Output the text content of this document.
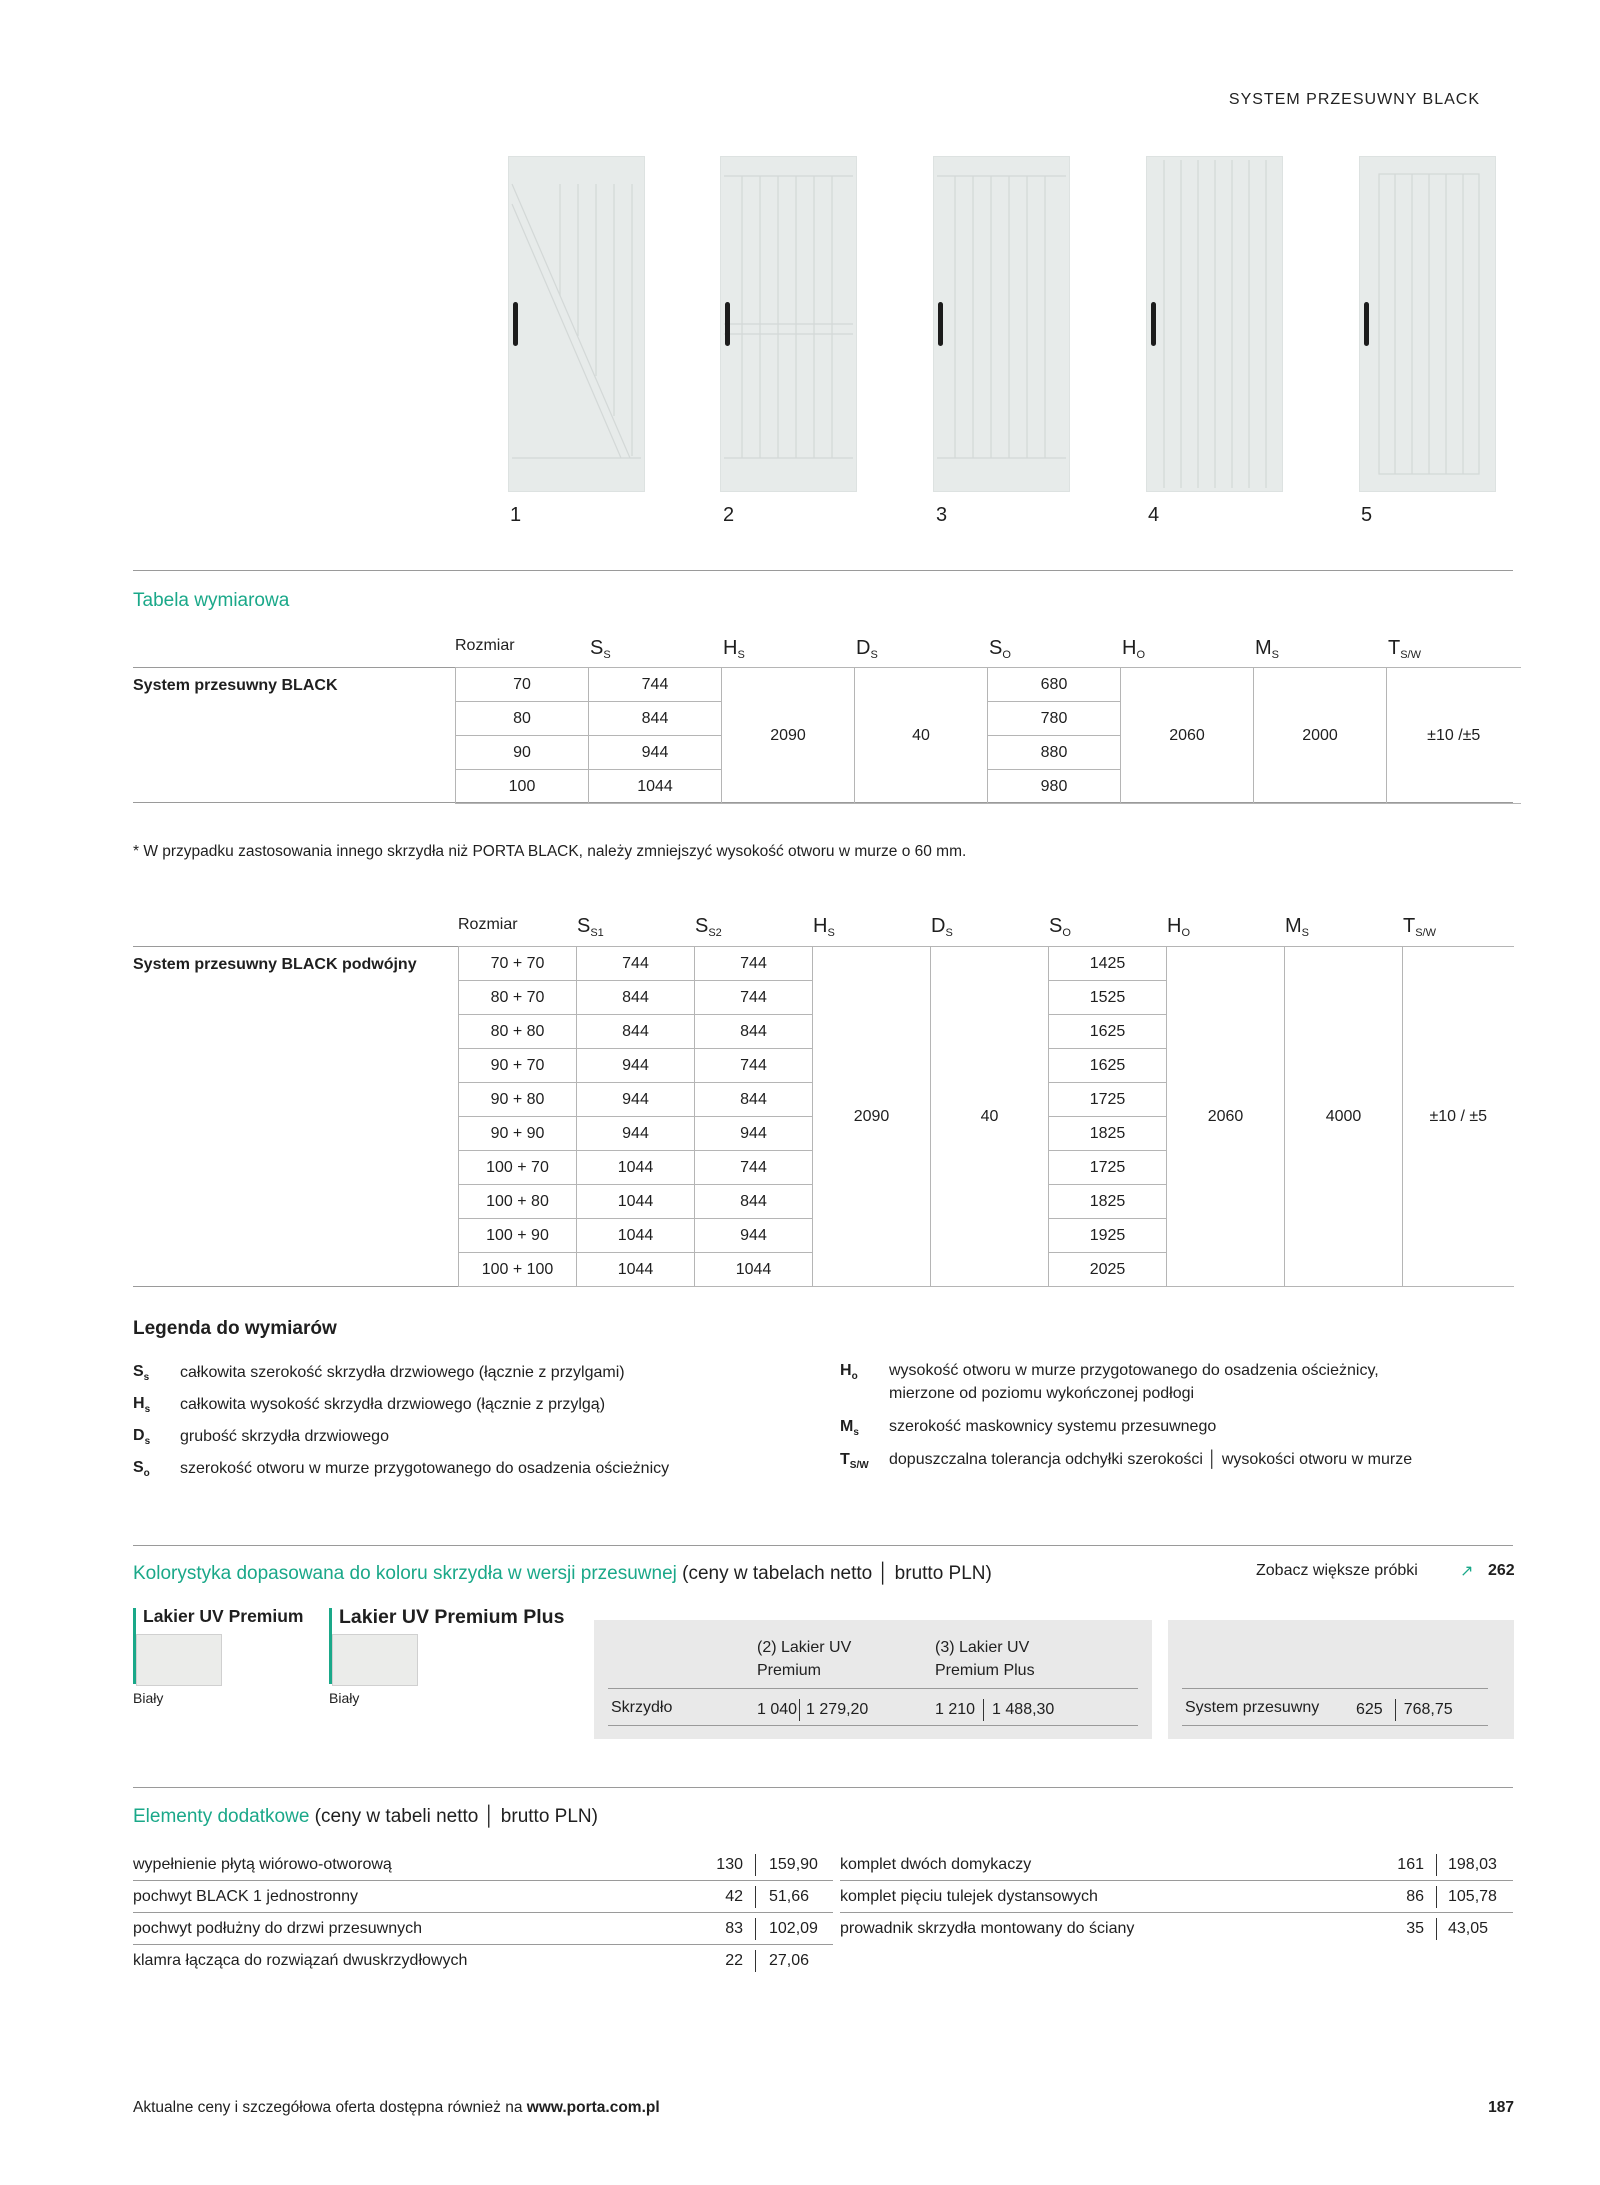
SYSTEM PRZESUWNY BLACK
1	2	3	4	5
Tabela wymiarowa
Rozmiar	$S_S$	$H_S$	$D_S$	$S_O$	$H_O$	$M_S$	$T_{S/W}$
System przesuwny BLACK	70	744	2090	40	680	2060	2000	±10 /±5
80	844			780			
90	944			880			
100	1044			980			
* W przypadku zastosowania innego skrzydła niż PORTA BLACK, należy zmniejszyć wysokość otworu w murze o 60 mm.
Rozmiar	$S_{S1}$	$S_{S2}$	$H_S$	$D_S$	$S_O$	$H_O$	$M_S$	$T_{S/W}$
System przesuwny BLACK podwójny	70 + 70	744	744	2090	40	1425	2060	4000	±10 / ±5
80 + 70	844	744			1525			
80 + 80	844	844			1625			
90 + 70	944	744			1625			
90 + 80	944	844			1725			
90 + 90	944	944			1825			
100 + 70	1044	744			1725			
100 + 80	1044	844			1825			
100 + 90	1044	944			1925			
100 + 100	1044	1044			2025			
Legenda do wymiarów
$S_s$ całkowita szerokość skrzydła drzwiowego (łącznie z przylgami)
$H_s$ całkowita wysokość skrzydła drzwiowego (łącznie z przylgą)
$D_s$ grubość skrzydła drzwiowego
$S_o$ szerokość otworu w murze przygotowanego do osadzenia ościeżnicy
$H_o$ wysokość otworu w murze przygotowanego do osadzenia ościeżnicy,
mierzone od poziomu wykończonej podłogi
$M_s$ szerokość maskownicy systemu przesuwnego
$T_{S/W}$ dopuszczalna tolerancja odchyłki szerokości │ wysokości otworu w murze
Kolorystyka dopasowana do koloru skrzydła w wersji przesuwnej (ceny w tabelach netto │ brutto PLN)	Zobacz większe próbki	↗ 262
Lakier UV Premium
Biały
Lakier UV Premium Plus
Biały
(2) Lakier UV
Premium
(3) Lakier UV
Premium Plus
Skrzydło	1 040 1 279,20	1 210 1 488,30	System przesuwny 625 768,75
Elementy dodatkowe (ceny w tabeli netto │ brutto PLN)
wypełnienie płytą wiórowo-otworową	130 159,90
pochwyt BLACK 1 jednostronny	42 51,66
pochwyt podłużny do drzwi przesuwnych	83 102,09
klamra łącząca do rozwiązań dwuskrzydłowych	22 27,06
komplet dwóch domykaczy	161 198,03
komplet pięciu tulejek dystansowych	86 105,78
prowadnik skrzydła montowany do ściany	35 43,05
Aktualne ceny i szczegółowa oferta dostępna również na www.porta.com.pl	187
